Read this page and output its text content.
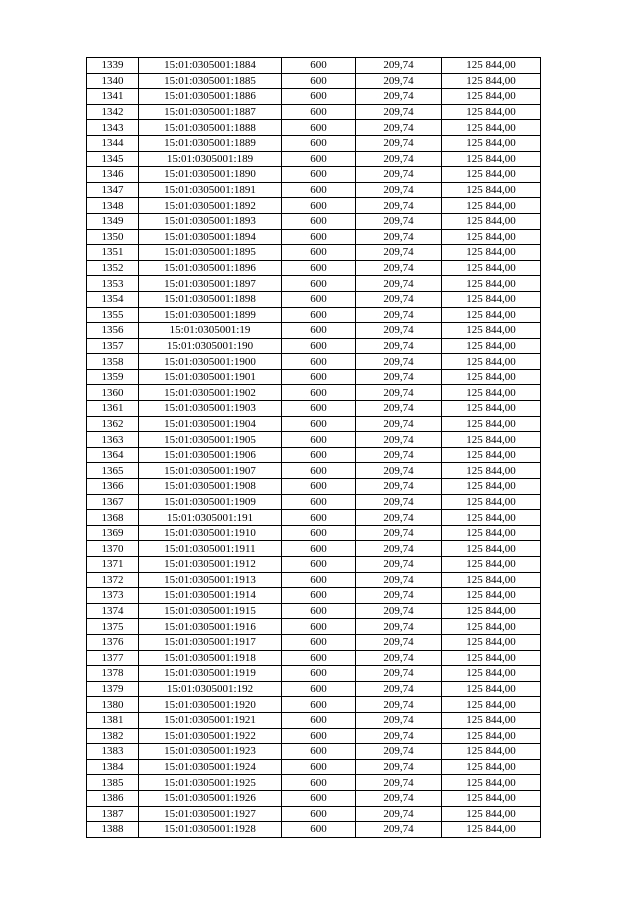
1339	15:01:0305001:1884	600	209,74	125 844,00
1340	15:01:0305001:1885	600	209,74	125 844,00
1341	15:01:0305001:1886	600	209,74	125 844,00
1342	15:01:0305001:1887	600	209,74	125 844,00
1343	15:01:0305001:1888	600	209,74	125 844,00
1344	15:01:0305001:1889	600	209,74	125 844,00
1345	15:01:0305001:189	600	209,74	125 844,00
1346	15:01:0305001:1890	600	209,74	125 844,00
1347	15:01:0305001:1891	600	209,74	125 844,00
1348	15:01:0305001:1892	600	209,74	125 844,00
1349	15:01:0305001:1893	600	209,74	125 844,00
1350	15:01:0305001:1894	600	209,74	125 844,00
1351	15:01:0305001:1895	600	209,74	125 844,00
1352	15:01:0305001:1896	600	209,74	125 844,00
1353	15:01:0305001:1897	600	209,74	125 844,00
1354	15:01:0305001:1898	600	209,74	125 844,00
1355	15:01:0305001:1899	600	209,74	125 844,00
1356	15:01:0305001:19	600	209,74	125 844,00
1357	15:01:0305001:190	600	209,74	125 844,00
1358	15:01:0305001:1900	600	209,74	125 844,00
1359	15:01:0305001:1901	600	209,74	125 844,00
1360	15:01:0305001:1902	600	209,74	125 844,00
1361	15:01:0305001:1903	600	209,74	125 844,00
1362	15:01:0305001:1904	600	209,74	125 844,00
1363	15:01:0305001:1905	600	209,74	125 844,00
1364	15:01:0305001:1906	600	209,74	125 844,00
1365	15:01:0305001:1907	600	209,74	125 844,00
1366	15:01:0305001:1908	600	209,74	125 844,00
1367	15:01:0305001:1909	600	209,74	125 844,00
1368	15:01:0305001:191	600	209,74	125 844,00
1369	15:01:0305001:1910	600	209,74	125 844,00
1370	15:01:0305001:1911	600	209,74	125 844,00
1371	15:01:0305001:1912	600	209,74	125 844,00
1372	15:01:0305001:1913	600	209,74	125 844,00
1373	15:01:0305001:1914	600	209,74	125 844,00
1374	15:01:0305001:1915	600	209,74	125 844,00
1375	15:01:0305001:1916	600	209,74	125 844,00
1376	15:01:0305001:1917	600	209,74	125 844,00
1377	15:01:0305001:1918	600	209,74	125 844,00
1378	15:01:0305001:1919	600	209,74	125 844,00
1379	15:01:0305001:192	600	209,74	125 844,00
1380	15:01:0305001:1920	600	209,74	125 844,00
1381	15:01:0305001:1921	600	209,74	125 844,00
1382	15:01:0305001:1922	600	209,74	125 844,00
1383	15:01:0305001:1923	600	209,74	125 844,00
1384	15:01:0305001:1924	600	209,74	125 844,00
1385	15:01:0305001:1925	600	209,74	125 844,00
1386	15:01:0305001:1926	600	209,74	125 844,00
1387	15:01:0305001:1927	600	209,74	125 844,00
1388	15:01:0305001:1928	600	209,74	125 844,00
